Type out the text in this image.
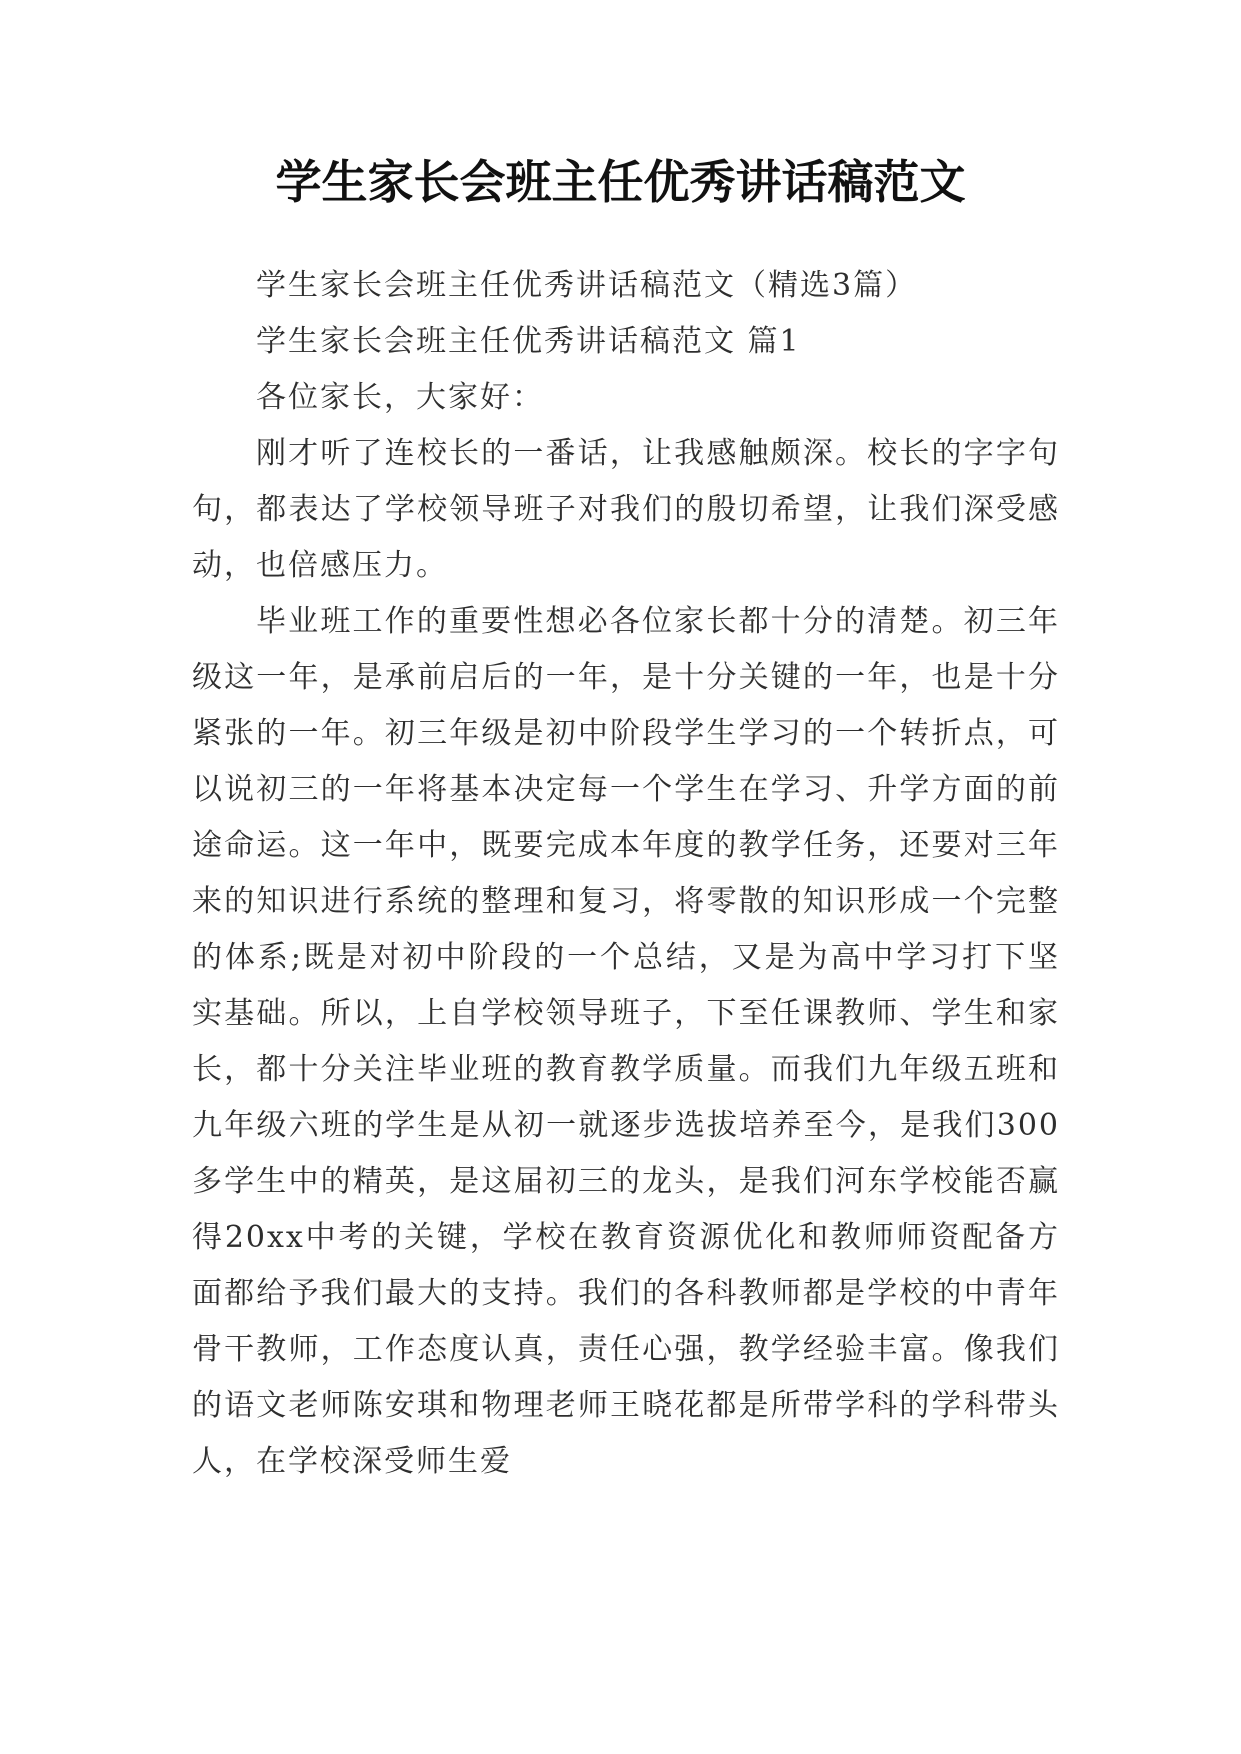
学生家长会班主任优秀讲话稿范文

学生家长会班主任优秀讲话稿范文（精选3篇）

学生家长会班主任优秀讲话稿范文 篇1

各位家长，大家好：

刚才听了连校长的一番话，让我感触颇深。校长的字字句句，都表达了学校领导班子对我们的殷切希望，让我们深受感动，也倍感压力。

毕业班工作的重要性想必各位家长都十分的清楚。初三年级这一年，是承前启后的一年，是十分关键的一年，也是十分紧张的一年。初三年级是初中阶段学生学习的一个转折点，可以说初三的一年将基本决定每一个学生在学习、升学方面的前途命运。这一年中，既要完成本年度的教学任务，还要对三年来的知识进行系统的整理和复习，将零散的知识形成一个完整的体系;既是对初中阶段的一个总结，又是为高中学习打下坚实基础。所以，上自学校领导班子，下至任课教师、学生和家长，都十分关注毕业班的教育教学质量。而我们九年级五班和九年级六班的学生是从初一就逐步选拔培养至今，是我们300多学生中的精英，是这届初三的龙头，是我们河东学校能否赢得20xx中考的关键，学校在教育资源优化和教师师资配备方面都给予我们最大的支持。我们的各科教师都是学校的中青年骨干教师，工作态度认真，责任心强，教学经验丰富。像我们的语文老师陈安琪和物理老师王晓花都是所带学科的学科带头人，在学校深受师生爱
